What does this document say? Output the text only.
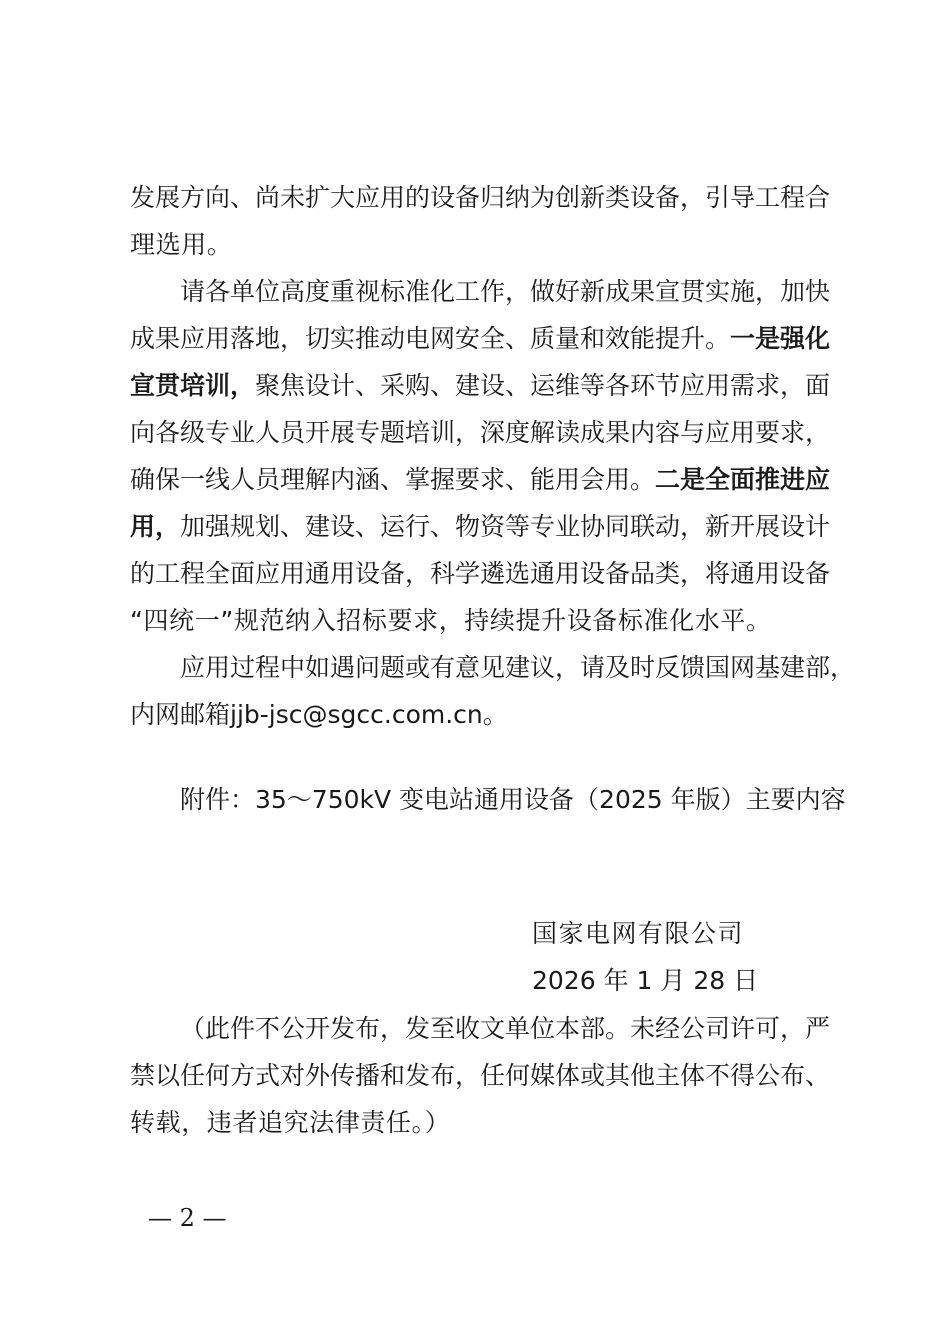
发展方向、尚未扩大应用的设备归纳为创新类设备，引导工程合
理选用。
请各单位高度重视标准化工作，做好新成果宣贯实施，加快
成果应用落地，切实推动电网安全、质量和效能提升。一是强化
宣贯培训，聚焦设计、采购、建设、运维等各环节应用需求，面
向各级专业人员开展专题培训，深度解读成果内容与应用要求，
确保一线人员理解内涵、掌握要求、能用会用。二是全面推进应
用，加强规划、建设、运行、物资等专业协同联动，新开展设计
的工程全面应用通用设备，科学遴选通用设备品类，将通用设备
“四统一”规范纳入招标要求，持续提升设备标准化水平。
应用过程中如遇问题或有意见建议，请及时反馈国网基建部，
内网邮箱jjb-jsc@sgcc.com.cn。
附件：35～750kV 变电站通用设备（2025 年版）主要内容
国家电网有限公司
2026 年 1 月 28 日
（此件不公开发布，发至收文单位本部。未经公司许可，严
禁以任何方式对外传播和发布，任何媒体或其他主体不得公布、
转载，违者追究法律责任。）
— 2 —
